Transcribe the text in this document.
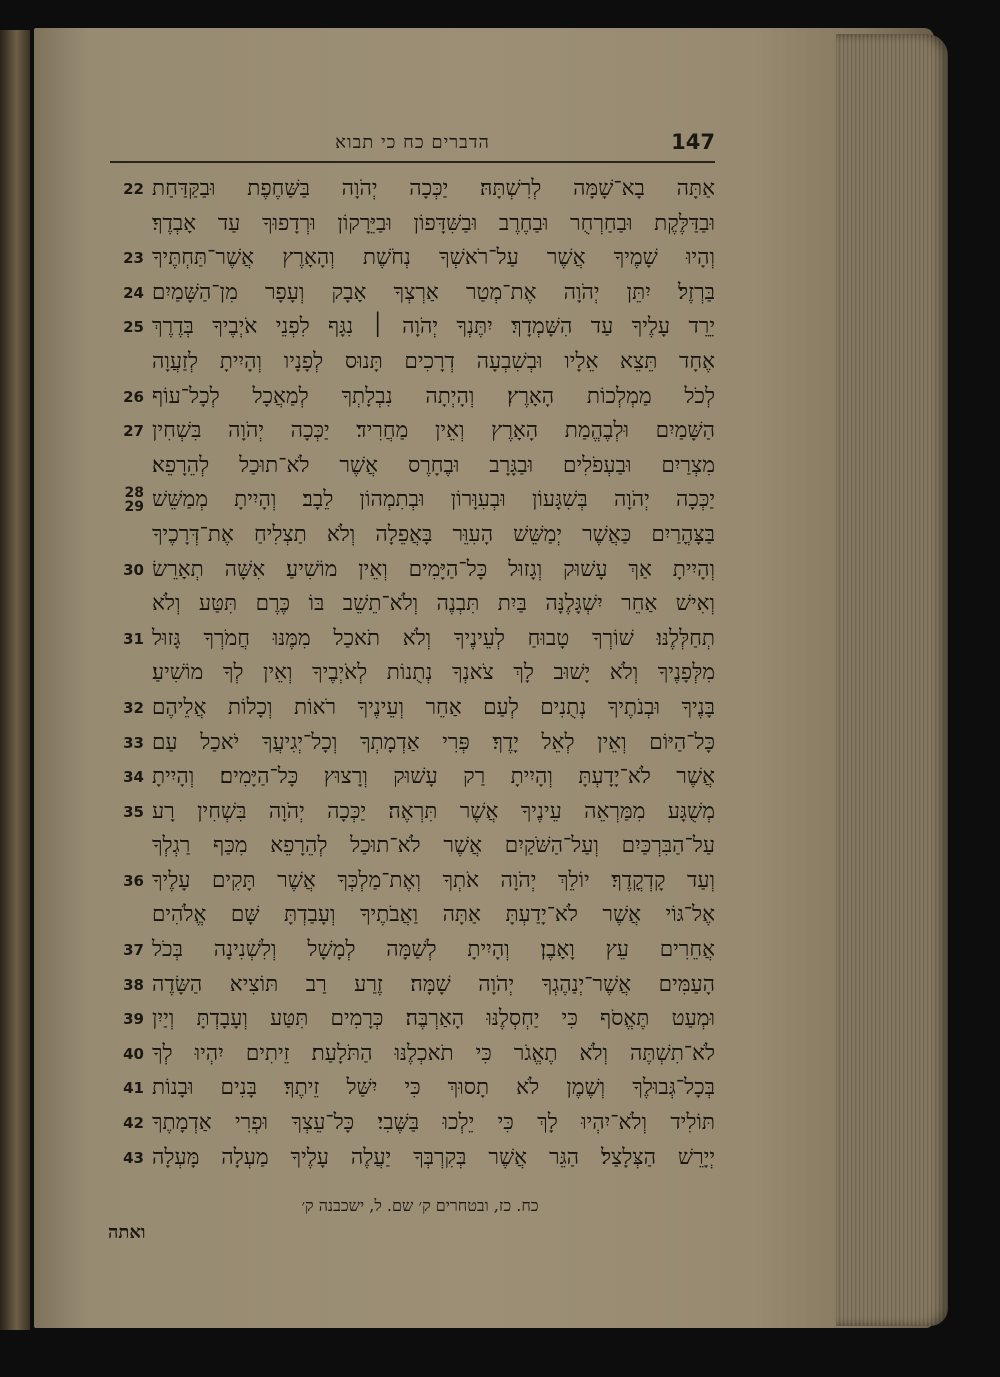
הדברים כח כי תבוא	147
22 אַתָּה בָא־שָׁמָּה לְרִשְׁתָּהּ׃ יַכְּכָה יְהֹוָה בַּשַּׁחֶפֶת וּבַקַּדַּחַת
וּבַדַּלֶּקֶת וּבַחַרְחֻר וּבַחֶרֶב וּבַשִּׁדָּפוֹן וּבַיֵּרָקוֹן וּרְדָפוּךָ עַד אָבְדֶךָ׃
23 וְהָיוּ שָׁמֶיךָ אֲשֶׁר עַל־רֹאשְׁךָ נְחֹשֶׁת וְהָאָרֶץ אֲשֶׁר־תַּחְתֶּיךָ
24 בַּרְזֶל׃ יִתֵּן יְהֹוָה אֶת־מְטַר אַרְצְךָ אָבָק וְעָפָר מִן־הַשָּׁמַיִם
25 יֵרֵד עָלֶיךָ עַד הִשָּׁמְדָךְ׃ יִתֶּנְךָ יְהֹוָה ׀ נִגָּף לִפְנֵי אֹיְבֶיךָ בְּדֶרֶךְ
אֶחָד תֵּצֵא אֵלָיו וּבְשִׁבְעָה דְרָכִים תָּנוּס לְפָנָיו וְהָיִיתָ לְזַעֲוָה
26 לְכֹל מַמְלְכוֹת הָאָרֶץ׃ וְהָיְתָה נִבְלָתְךָ לְמַאֲכָל לְכָל־עוֹף
27 הַשָּׁמַיִם וּלְבֶהֱמַת הָאָרֶץ וְאֵין מַחֲרִיד׃ יַכְּכָה יְהֹוָה בִּשְׁחִין
מִצְרַיִם וּבַעְפֹלִים וּבַגָּרָב וּבֶחָרֶס אֲשֶׁר לֹא־תוּכַל לְהֵרָפֵא׃
28
29 יַכְּכָה יְהֹוָה בְּשִׁגָּעוֹן וּבְעִוָּרוֹן וּבְתִמְהוֹן לֵבָב׃ וְהָיִיתָ מְמַשֵּׁשׁ
בַּצָּהֳרַיִם כַּאֲשֶׁר יְמַשֵּׁשׁ הָעִוֵּר בָּאֲפֵלָה וְלֹא תַצְלִיחַ אֶת־דְּרָכֶיךָ
30 וְהָיִיתָ אַךְ עָשׁוּק וְגָזוּל כָּל־הַיָּמִים וְאֵין מוֹשִׁיעַ׃ אִשָּׁה תְאָרֵשׂ
וְאִישׁ אַחֵר יִשְׁגָּלֶנָּה בַּיִת תִּבְנֶה וְלֹא־תֵשֵׁב בּוֹ כֶּרֶם תִּטַּע וְלֹא
31 תְחַלְּלֶנּוּ׃ שׁוֹרְךָ טָבוּחַ לְעֵינֶיךָ וְלֹא תֹאכַל מִמֶּנּוּ חֲמֹרְךָ גָּזוּל
מִלְּפָנֶיךָ וְלֹא יָשׁוּב לָךְ צֹאנְךָ נְתֻנוֹת לְאֹיְבֶיךָ וְאֵין לְךָ מוֹשִׁיעַ׃
32 בָּנֶיךָ וּבְנֹתֶיךָ נְתֻנִים לְעַם אַחֵר וְעֵינֶיךָ רֹאוֹת וְכָלוֹת אֲלֵיהֶם
33 כָּל־הַיּוֹם וְאֵין לְאֵל יָדֶךָ׃ פְּרִי אַדְמָתְךָ וְכָל־יְגִיעֲךָ יֹאכַל עַם
34 אֲשֶׁר לֹא־יָדָעְתָּ וְהָיִיתָ רַק עָשׁוּק וְרָצוּץ כָּל־הַיָּמִים׃ וְהָיִיתָ
35 מְשֻׁגָּע מִמַּרְאֵה עֵינֶיךָ אֲשֶׁר תִּרְאֶה׃ יַכְּכָה יְהֹוָה בִּשְׁחִין רָע
עַל־הַבִּרְכַּיִם וְעַל־הַשֹּׁקַיִם אֲשֶׁר לֹא־תוּכַל לְהֵרָפֵא מִכַּף רַגְלְךָ
36 וְעַד קָדְקֳדֶךָ׃ יוֹלֵךְ יְהֹוָה אֹתְךָ וְאֶת־מַלְכְּךָ אֲשֶׁר תָּקִים עָלֶיךָ
אֶל־גּוֹי אֲשֶׁר לֹא־יָדַעְתָּ אַתָּה וַאֲבֹתֶיךָ וְעָבַדְתָּ שָּׁם אֱלֹהִים
37 אֲחֵרִים עֵץ וָאָבֶן׃ וְהָיִיתָ לְשַׁמָּה לְמָשָׁל וְלִשְׁנִינָה בְּכֹל
38 הָעַמִּים אֲשֶׁר־יְנַהֶגְךָ יְהֹוָה שָׁמָּה׃ זֶרַע רַב תּוֹצִיא הַשָּׂדֶה
39 וּמְעַט תֶּאֱסֹף כִּי יַחְסְלֶנּוּ הָאַרְבֶּה׃ כְּרָמִים תִּטַּע וְעָבָדְתָּ וְיַיִן
40 לֹא־תִשְׁתֶּה וְלֹא תֶאֱגֹר כִּי תֹאכְלֶנּוּ הַתֹּלָעַת׃ זֵיתִים יִהְיוּ לְךָ
41 בְּכָל־גְּבוּלֶךָ וְשֶׁמֶן לֹא תָסוּךְ כִּי יִשַּׁל זֵיתֶךָ׃ בָּנִים וּבָנוֹת
42 תּוֹלִיד וְלֹא־יִהְיוּ לָךְ כִּי יֵלְכוּ בַּשֶּׁבִי׃ כָּל־עֵצְךָ וּפְרִי אַדְמָתֶךָ
43 יְיָרֵשׁ הַצְּלָצַל׃ הַגֵּר אֲשֶׁר בְּקִרְבְּךָ יַעֲלֶה עָלֶיךָ מַעְלָה מָּעְלָה
כח. כז, ובטחרים ק׳ שם. ל, ישכבנה ק׳
ואתה
